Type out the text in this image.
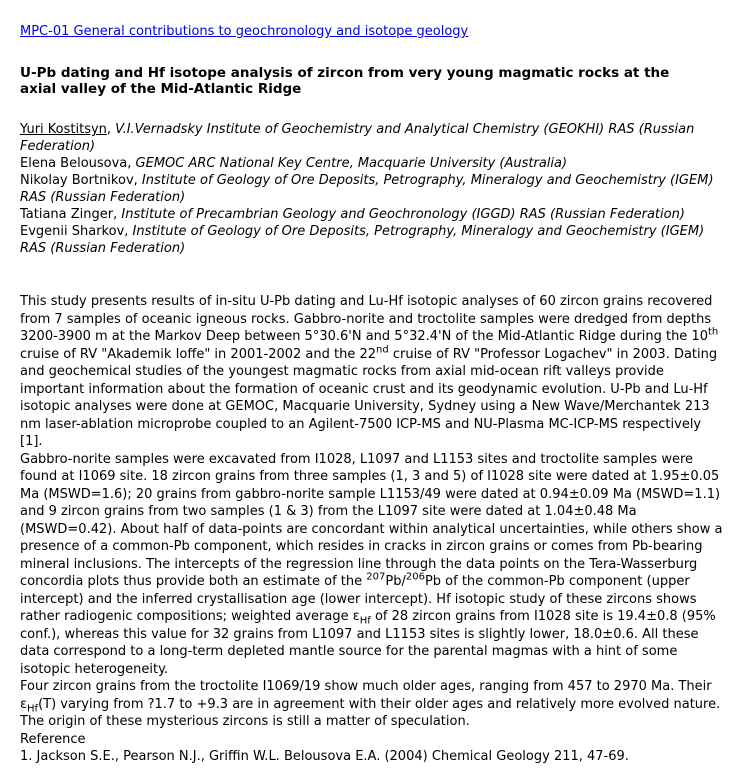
MPC-01 General contributions to geochronology and isotope geology
U-Pb dating and Hf isotope analysis of zircon from very young magmatic rocks at the axial valley of the Mid-Atlantic Ridge
Yuri Kostitsyn, V.I.Vernadsky Institute of Geochemistry and Analytical Chemistry (GEOKHI) RAS (Russian Federation)
Elena Belousova, GEMOC ARC National Key Centre, Macquarie University (Australia)
Nikolay Bortnikov, Institute of Geology of Ore Deposits, Petrography, Mineralogy and Geochemistry (IGEM) RAS (Russian Federation)
Tatiana Zinger, Institute of Precambrian Geology and Geochronology (IGGD) RAS (Russian Federation)
Evgenii Sharkov, Institute of Geology of Ore Deposits, Petrography, Mineralogy and Geochemistry (IGEM) RAS (Russian Federation)
This study presents results of in-situ U-Pb dating and Lu-Hf isotopic analyses of 60 zircon grains recovered from 7 samples of oceanic igneous rocks. Gabbro-norite and troctolite samples were dredged from depths 3200-3900 m at the Markov Deep between 5°30.6'N and 5°32.4'N of the Mid-Atlantic Ridge during the 10th cruise of RV "Akademik Ioffe" in 2001-2002 and the 22nd cruise of RV "Professor Logachev" in 2003. Dating and geochemical studies of the youngest magmatic rocks from axial mid-ocean rift valleys provide important information about the formation of oceanic crust and its geodynamic evolution. U-Pb and Lu-Hf isotopic analyses were done at GEMOC, Macquarie University, Sydney using a New Wave/Merchantek 213 nm laser-ablation microprobe coupled to an Agilent-7500 ICP-MS and NU-Plasma MC-ICP-MS respectively [1].
Gabbro-norite samples were excavated from I1028, L1097 and L1153 sites and troctolite samples were found at I1069 site. 18 zircon grains from three samples (1, 3 and 5) of I1028 site were dated at 1.95±0.05 Ma (MSWD=1.6); 20 grains from gabbro-norite sample L1153/49 were dated at 0.94±0.09 Ma (MSWD=1.1) and 9 zircon grains from two samples (1 & 3) from the L1097 site were dated at 1.04±0.48 Ma (MSWD=0.42). About half of data-points are concordant within analytical uncertainties, while others show a presence of a common-Pb component, which resides in cracks in zircon grains or comes from Pb-bearing mineral inclusions. The intercepts of the regression line through the data points on the Tera-Wasserburg concordia plots thus provide both an estimate of the $^{207}$Pb/$^{206}$Pb of the common-Pb component (upper intercept) and the inferred crystallisation age (lower intercept). Hf isotopic study of these zircons shows rather radiogenic compositions; weighted average $\varepsilon_{Hf}$ of 28 zircon grains from I1028 site is 19.4±0.8 (95% conf.), whereas this value for 32 grains from L1097 and L1153 sites is slightly lower, 18.0±0.6. All these data correspond to a long-term depleted mantle source for the parental magmas with a hint of some isotopic heterogeneity.
Four zircon grains from the troctolite I1069/19 show much older ages, ranging from 457 to 2970 Ma. Their $\varepsilon_{Hf}(T)$ varying from ?1.7 to +9.3 are in agreement with their older ages and relatively more evolved nature. The origin of these mysterious zircons is still a matter of speculation.
Reference
1. Jackson S.E., Pearson N.J., Griffin W.L. Belousova E.A. (2004) Chemical Geology 211, 47-69.
